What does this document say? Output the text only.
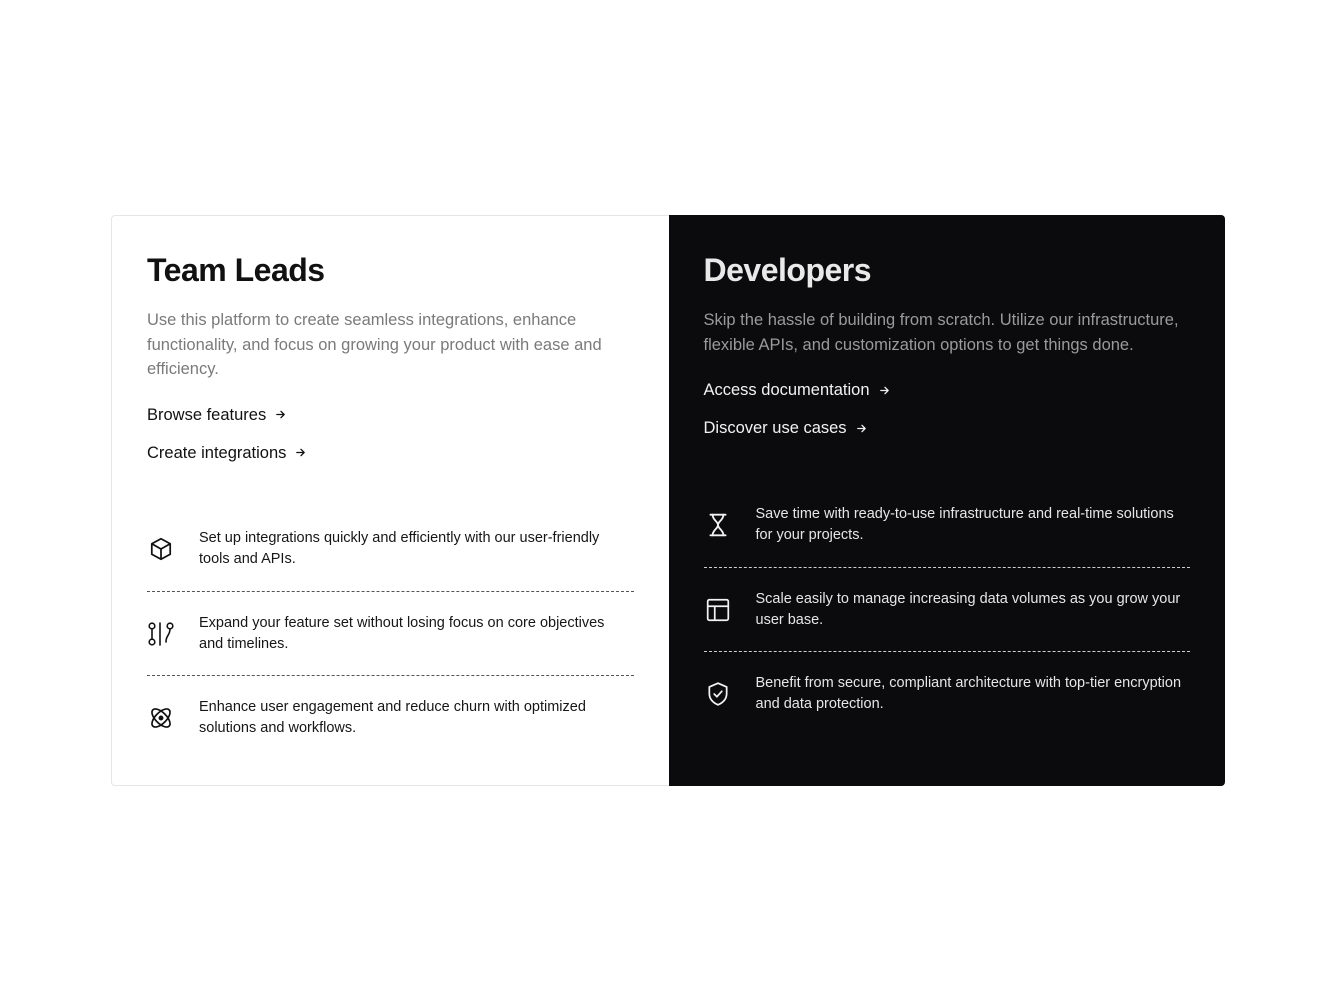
Team Leads

Use this platform to create seamless integrations, enhance functionality, and focus on growing your product with ease and efficiency.

Browse features
Create integrations

Set up integrations quickly and efficiently with our user-friendly tools and APIs.

Expand your feature set without losing focus on core objectives and timelines.

Enhance user engagement and reduce churn with optimized solutions and workflows.

Developers

Skip the hassle of building from scratch. Utilize our infrastructure, flexible APIs, and customization options to get things done.

Access documentation
Discover use cases

Save time with ready-to-use infrastructure and real-time solutions for your projects.

Scale easily to manage increasing data volumes as you grow your user base.

Benefit from secure, compliant architecture with top-tier encryption and data protection.
